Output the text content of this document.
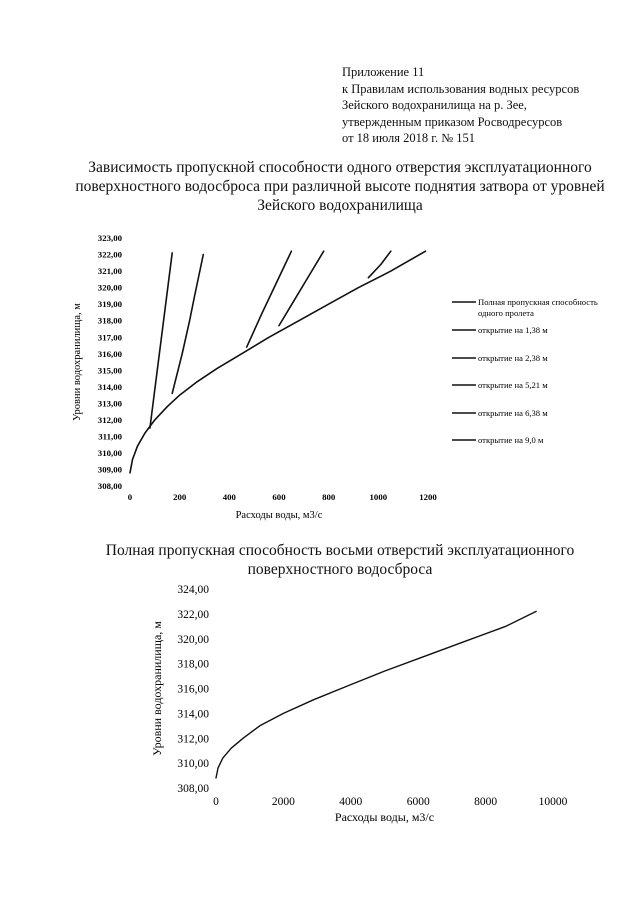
Приложение 11
к Правилам использования водных ресурсов
Зейского водохранилища на р. Зее,
утвержденным приказом Росводресурсов
от 18 июля 2018 г. № 151
Зависимость пропускной способности одного отверстия эксплуатационного
поверхностного водосброса при различной высоте поднятия затвора от уровней
Зейского водохранилища
Полная пропускная способность восьми отверстий эксплуатационного
поверхностного водосброса
308,00
309,00
310,00
311,00
312,00
313,00
314,00
315,00
316,00
317,00
318,00
319,00
320,00
321,00
322,00
323,00
0	200	400	600	800	1000	1200
Расходы воды, м3/с
Уровни водохранилища, м
Полная пропускная способность
одного пролета
открытие на 1,38 м
открытие на 2,38 м
открытие на 5,21 м
открытие на 6,38 м
открытие на 9,0 м
308,00
310,00
312,00
314,00
316,00
318,00
320,00
322,00
324,00
0	2000	4000	6000	8000	10000
Расходы воды, м3/с
Уровни водохранилища, м
